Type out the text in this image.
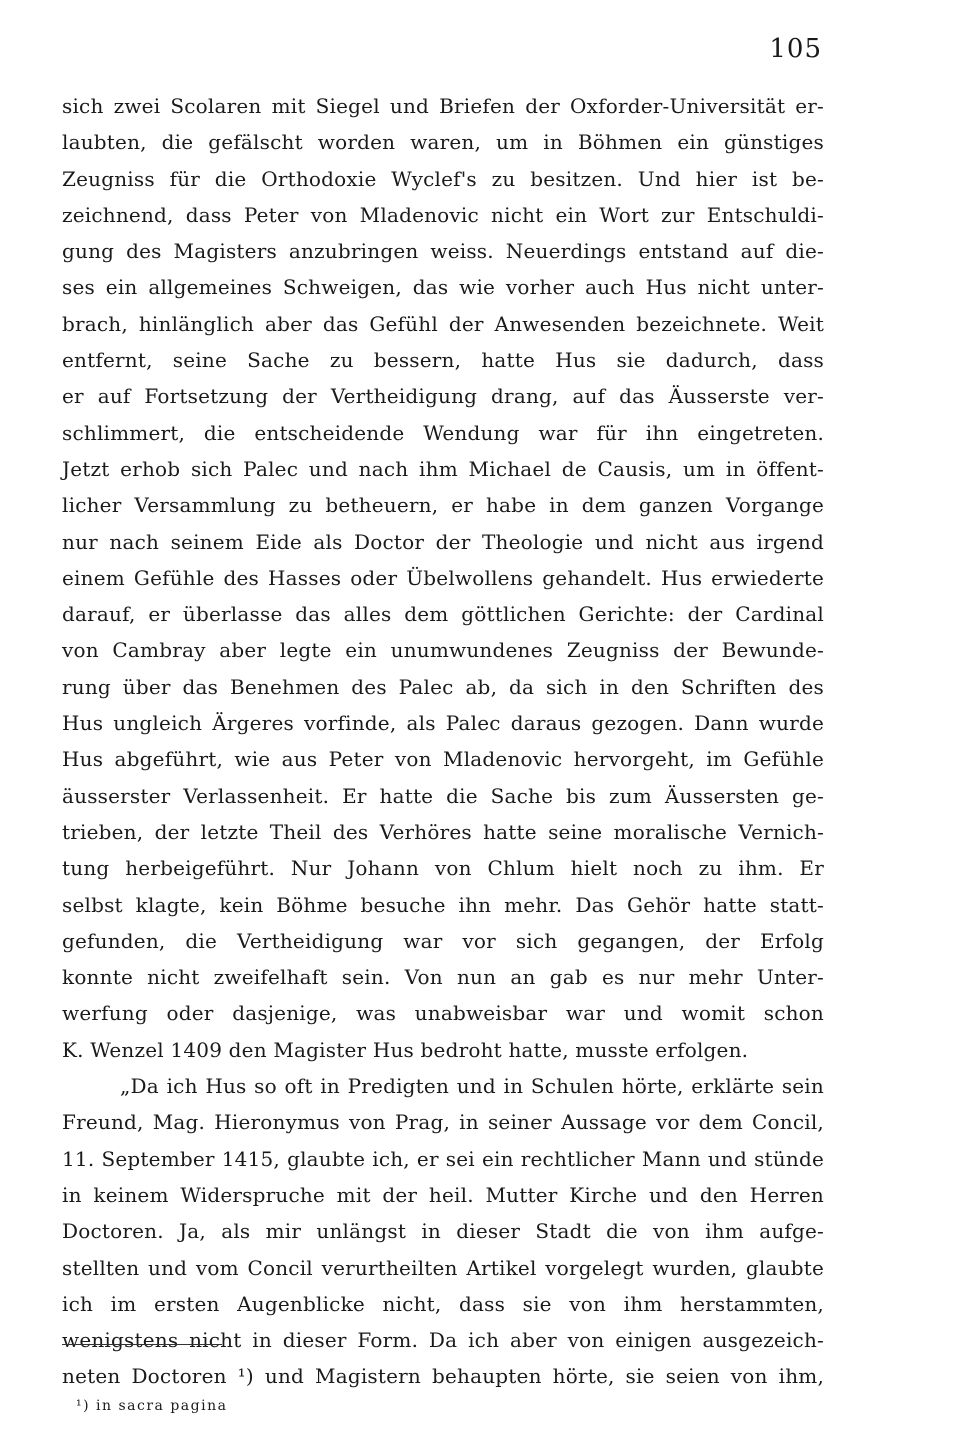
105
sich zwei Scolaren mit Siegel und Briefen der Oxforder-Universität er-
laubten, die gefälscht worden waren, um in Böhmen ein günstiges
Zeugniss für die Orthodoxie Wyclef's zu besitzen. Und hier ist be-
zeichnend, dass Peter von Mladenovic nicht ein Wort zur Entschuldi-
gung des Magisters anzubringen weiss. Neuerdings entstand auf die-
ses ein allgemeines Schweigen, das wie vorher auch Hus nicht unter-
brach, hinlänglich aber das Gefühl der Anwesenden bezeichnete. Weit
entfernt, seine Sache zu bessern, hatte Hus sie dadurch, dass
er auf Fortsetzung der Vertheidigung drang, auf das Äusserste ver-
schlimmert, die entscheidende Wendung war für ihn eingetreten.
Jetzt erhob sich Palec und nach ihm Michael de Causis, um in öffent-
licher Versammlung zu betheuern, er habe in dem ganzen Vorgange
nur nach seinem Eide als Doctor der Theologie und nicht aus irgend
einem Gefühle des Hasses oder Übelwollens gehandelt. Hus erwiederte
darauf, er überlasse das alles dem göttlichen Gerichte: der Cardinal
von Cambray aber legte ein unumwundenes Zeugniss der Bewunde-
rung über das Benehmen des Palec ab, da sich in den Schriften des
Hus ungleich Ärgeres vorfinde, als Palec daraus gezogen. Dann wurde
Hus abgeführt, wie aus Peter von Mladenovic hervorgeht, im Gefühle
äusserster Verlassenheit. Er hatte die Sache bis zum Äussersten ge-
trieben, der letzte Theil des Verhöres hatte seine moralische Vernich-
tung herbeigeführt. Nur Johann von Chlum hielt noch zu ihm. Er
selbst klagte, kein Böhme besuche ihn mehr. Das Gehör hatte statt-
gefunden, die Vertheidigung war vor sich gegangen, der Erfolg
konnte nicht zweifelhaft sein. Von nun an gab es nur mehr Unter-
werfung oder dasjenige, was unabweisbar war und womit schon
K. Wenzel 1409 den Magister Hus bedroht hatte, musste erfolgen.
„Da ich Hus so oft in Predigten und in Schulen hörte, erklärte sein
Freund, Mag. Hieronymus von Prag, in seiner Aussage vor dem Concil,
11. September 1415, glaubte ich, er sei ein rechtlicher Mann und stünde
in keinem Widerspruche mit der heil. Mutter Kirche und den Herren
Doctoren. Ja, als mir unlängst in dieser Stadt die von ihm aufge-
stellten und vom Concil verurtheilten Artikel vorgelegt wurden, glaubte
ich im ersten Augenblicke nicht, dass sie von ihm herstammten,
wenigstens nicht in dieser Form. Da ich aber von einigen ausgezeich-
neten Doctoren ¹) und Magistern behaupten hörte, sie seien von ihm,
¹) in sacra pagina
